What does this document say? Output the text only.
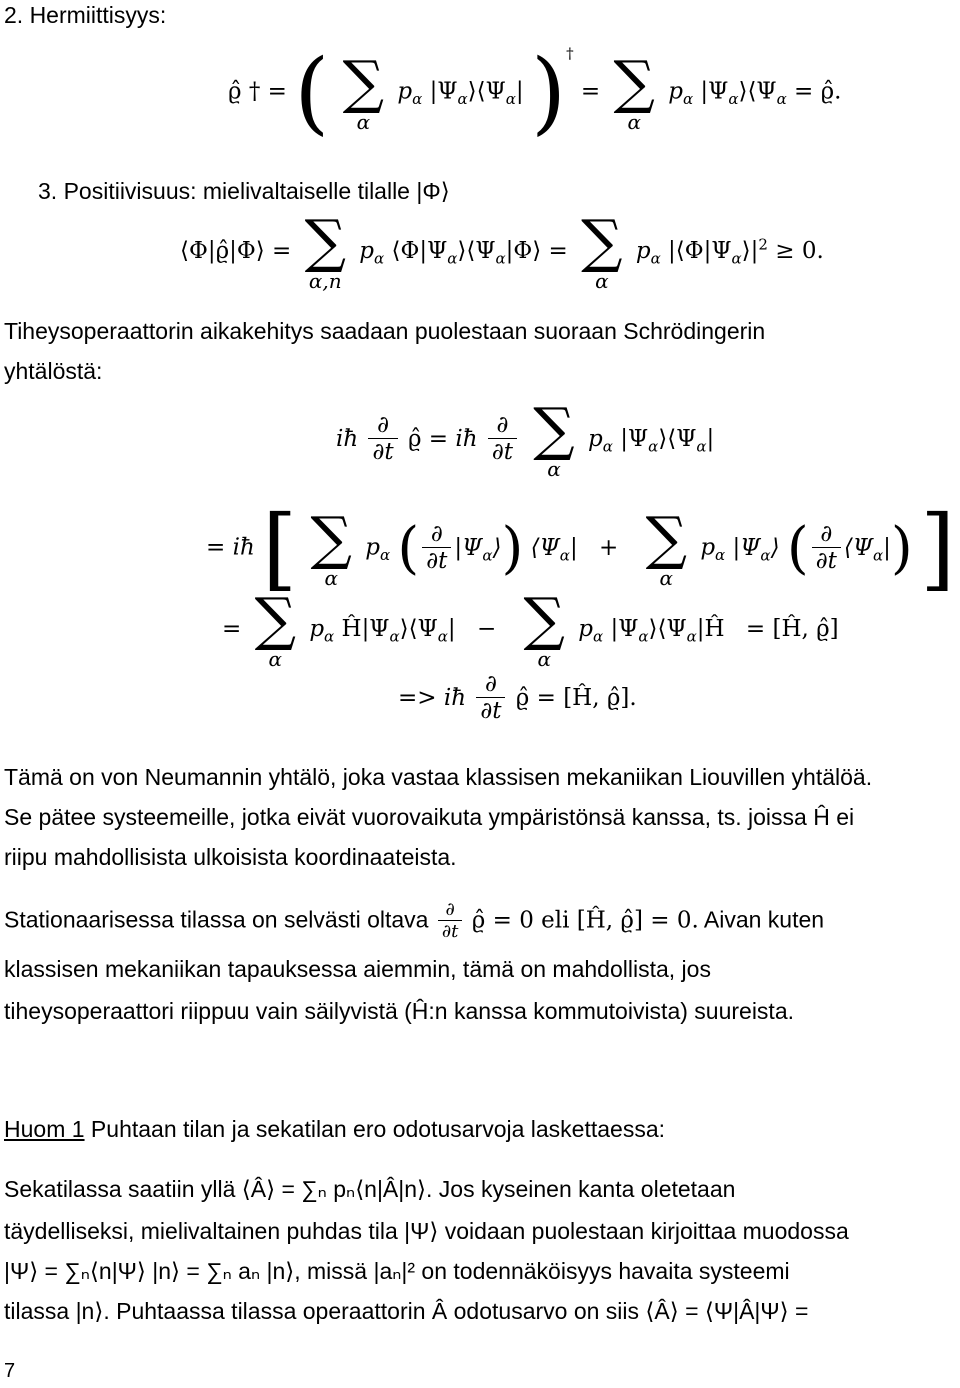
2. Hermiittisyys:
ϱ̂ † = ( ∑
α
$p_\alpha$ $|\Psi_\alpha⟩⟨\Psi_\alpha|$ )† = ∑
α
$p_\alpha$ $|\Psi_\alpha⟩⟨\Psi_\alpha$ = ϱ̂.
3. Positiivisuus: mielivaltaiselle tilalle |Φ⟩
⟨Φ|ϱ̂|Φ⟩ = ∑
α,n
$p_\alpha$ $⟨\Phi|\Psi_\alpha⟩⟨\Psi_\alpha|\Phi⟩$ = ∑
α
$p_\alpha$ $|⟨\Phi|\Psi_\alpha⟩|^2 \ge 0$.
Tiheysoperaattorin aikakehitys saadaan puolestaan suoraan Schrödingerin
yhtälöstä:
iħ $\frac{\partial}{\partial t}$ ϱ̂ = iħ $\frac{\partial}{\partial t}$
∑
α
$p_\alpha$ $|\Psi_\alpha⟩⟨\Psi_\alpha|$
= iħ [ ∑
α
$p_\alpha$ ( $\frac{\partial}{\partial t}$ $|\Psi_\alpha⟩$) $⟨\Psi_\alpha|$ + ∑
α
$p_\alpha$ $|\Psi_\alpha⟩$ ( $\frac{\partial}{\partial t}$ $⟨\Psi_\alpha|$) ]
= ∑
α
$p_\alpha$ $Ĥ|\Psi_\alpha⟩⟨\Psi_\alpha|$ − ∑
α
$p_\alpha$ $|\Psi_\alpha⟩⟨\Psi_\alpha|Ĥ$ = [Ĥ, ϱ̂]
=> iħ $\frac{\partial}{\partial t}$ ϱ̂ = [Ĥ, ϱ̂].
Tämä on von Neumannin yhtälö, joka vastaa klassisen mekaniikan Liouvillen yhtälöä.
Se pätee systeemeille, jotka eivät vuorovaikuta ympäristönsä kanssa, ts. joissa Ĥ ei
riipu mahdollisista ulkoisista koordinaateista.
Stationaarisessa tilassa on selvästi oltava $\frac{\partial}{\partial t}$ ϱ̂ = 0 eli [Ĥ, ϱ̂] = 0. Aivan kuten
klassisen mekaniikan tapauksessa aiemmin, tämä on mahdollista, jos
tiheysoperaattori riippuu vain säilyvistä (Ĥ:n kanssa kommutoivista) suureista.
Huom 1 Puhtaan tilan ja sekatilan ero odotusarvoja laskettaessa:
Sekatilassa saatiin yllä ⟨Â⟩ = ∑ₙ pₙ⟨n|Â|n⟩. Jos kyseinen kanta oletetaan
täydelliseksi, mielivaltainen puhdas tila |Ψ⟩ voidaan puolestaan kirjoittaa muodossa
|Ψ⟩ = ∑ₙ⟨n|Ψ⟩ |n⟩ = ∑ₙ aₙ |n⟩, missä |aₙ|² on todennäköisyys havaita systeemi
tilassa |n⟩. Puhtaassa tilassa operaattorin Â odotusarvo on siis ⟨Â⟩ = ⟨Ψ|Â|Ψ⟩ =
7
